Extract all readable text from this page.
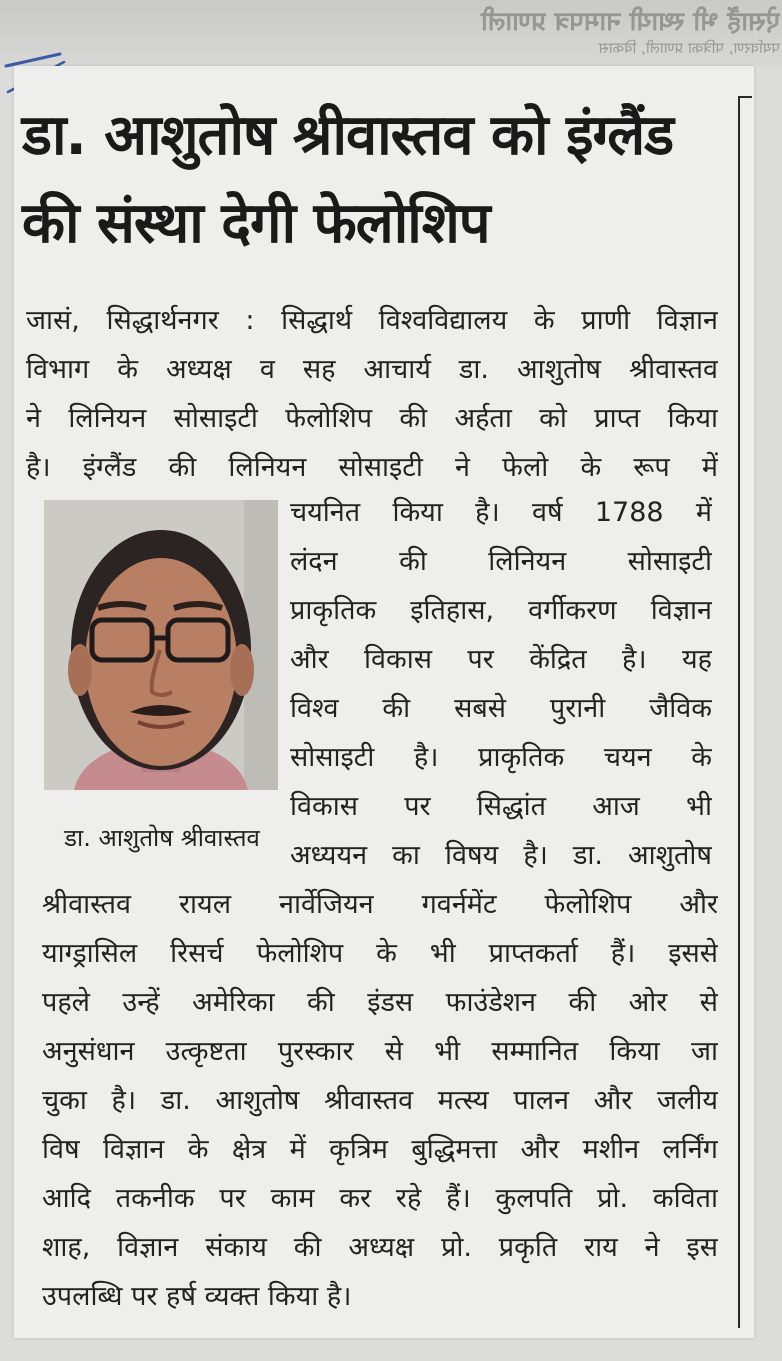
ऐसाहैं भी स्थायी नामपत्र प्रणाली
पर्यावरण, पत्रिका प्रणाली, विकास
डा. आशुतोष श्रीवास्तव को इंग्लैंड
की संस्था देगी फेलोशिप
जासं, सिद्धार्थनगर : सिद्धार्थ विश्वविद्यालय के प्राणी विज्ञान
विभाग के अध्यक्ष व सह आचार्य डा. आशुतोष श्रीवास्तव
ने लिनियन सोसाइटी फेलोशिप की अर्हता को प्राप्त किया
है। इंग्लैंड की लिनियन सोसाइटी ने फेलो के रूप में
चयनित किया है। वर्ष 1788 में
लंदन की लिनियन सोसाइटी
प्राकृतिक इतिहास, वर्गीकरण विज्ञान
और विकास पर केंद्रित है। यह
विश्व की सबसे पुरानी जैविक
सोसाइटी है। प्राकृतिक चयन के
विकास पर सिद्धांत आज भी
अध्ययन का विषय है। डा. आशुतोष

डा. आशुतोष श्रीवास्तव

श्रीवास्तव रायल नार्वेजियन गवर्नमेंट फेलोशिप और
याग्ड्रासिल रिसर्च फेलोशिप के भी प्राप्तकर्ता हैं। इससे
पहले उन्हें अमेरिका की इंडस फाउंडेशन की ओर से
अनुसंधान उत्कृष्टता पुरस्कार से भी सम्मानित किया जा
चुका है। डा. आशुतोष श्रीवास्तव मत्स्य पालन और जलीय
विष विज्ञान के क्षेत्र में कृत्रिम बुद्धिमत्ता और मशीन लर्निंग
आदि तकनीक पर काम कर रहे हैं। कुलपति प्रो. कविता
शाह, विज्ञान संकाय की अध्यक्ष प्रो. प्रकृति राय ने इस
उपलब्धि पर हर्ष व्यक्त किया है।
